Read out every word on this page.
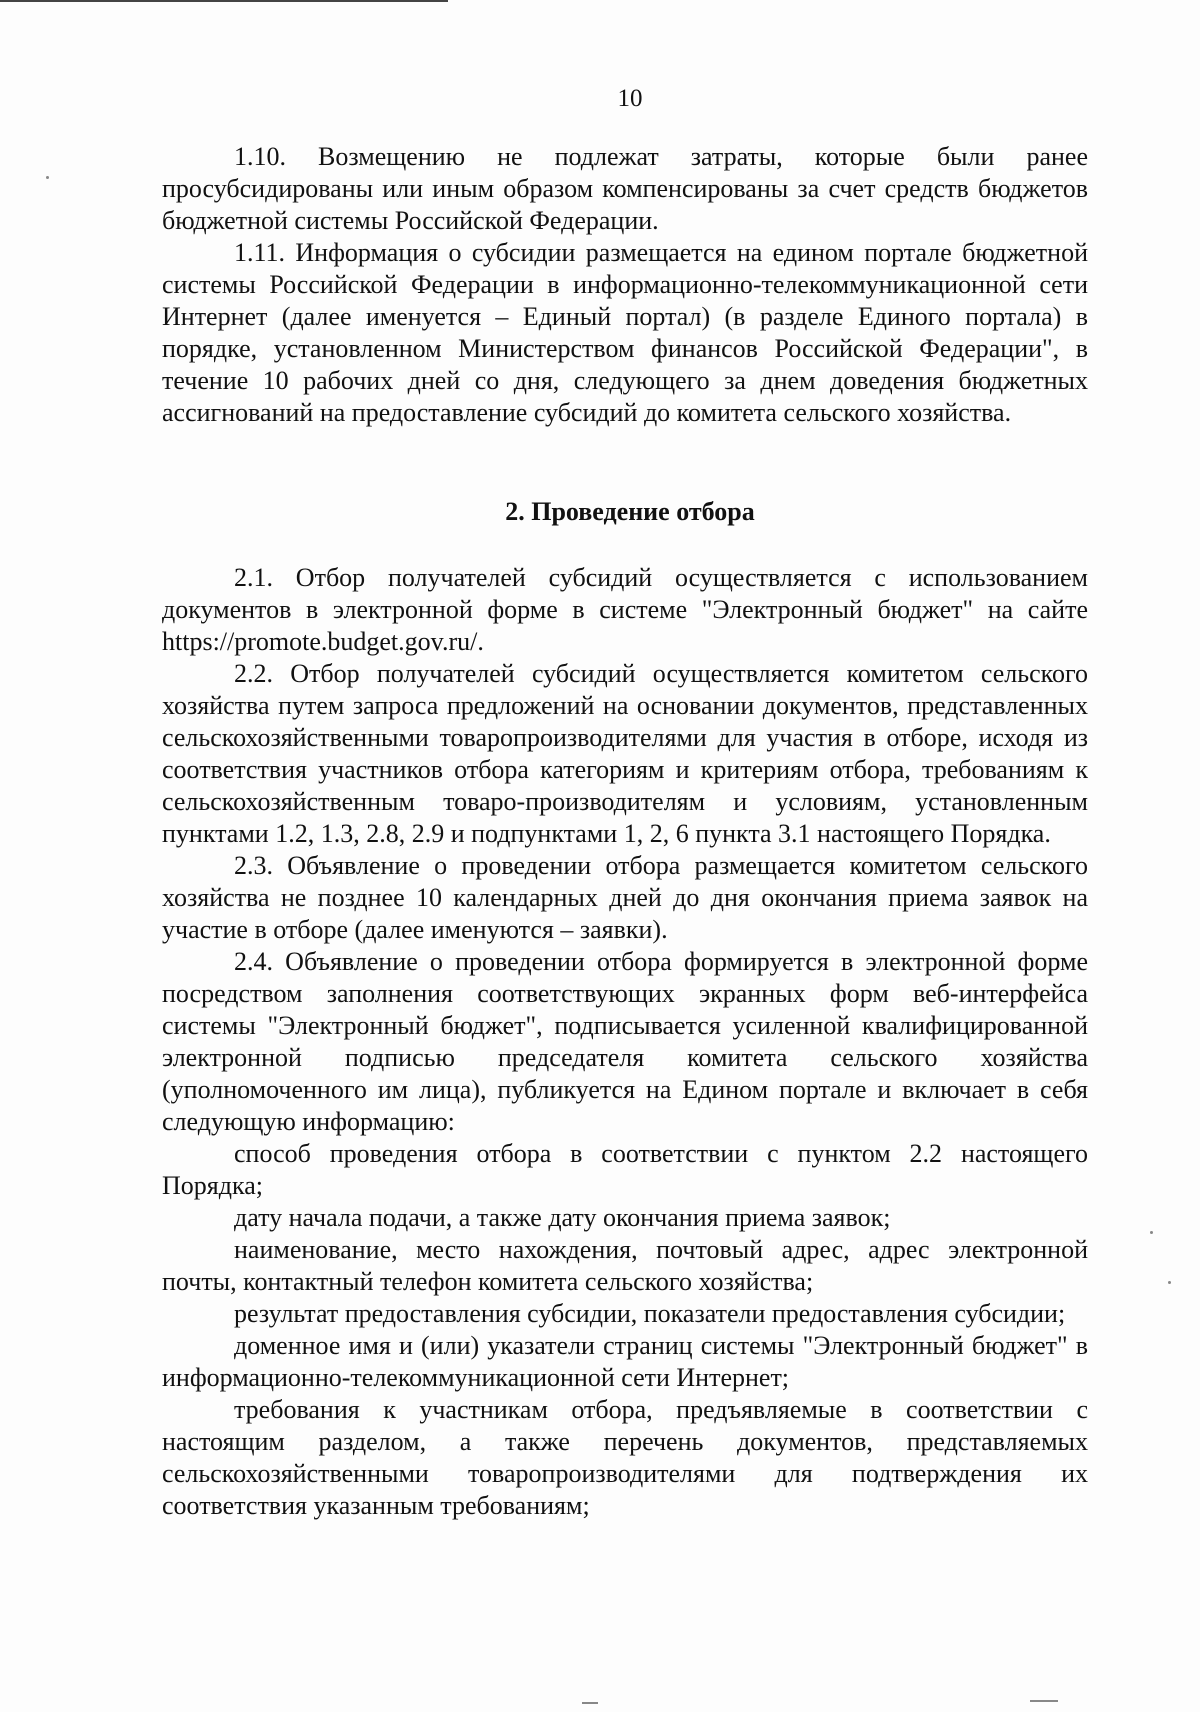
10

1.10. Возмещению не подлежат затраты, которые были ранее просубсидированы или иным образом компенсированы за счет средств бюджетов бюджетной системы Российской Федерации.

1.11. Информация о субсидии размещается на едином портале бюджетной системы Российской Федерации в информационно-телекоммуникационной сети Интернет (далее именуется – Единый портал) (в разделе Единого портала) в порядке, установленном Министерством финансов Российской Федерации", в течение 10 рабочих дней со дня, следующего за днем доведения бюджетных ассигнований на предоставление субсидий до комитета сельского хозяйства.

2. Проведение отбора

2.1. Отбор получателей субсидий осуществляется с использованием документов в электронной форме в системе "Электронный бюджет" на сайте https://promote.budget.gov.ru/.

2.2. Отбор получателей субсидий осуществляется комитетом сельского хозяйства путем запроса предложений на основании документов, представленных сельскохозяйственными товаропроизводителями для участия в отборе, исходя из соответствия участников отбора категориям и критериям отбора, требованиям к сельскохозяйственным товаро-производителям и условиям, установленным пунктами 1.2, 1.3, 2.8, 2.9 и подпунктами 1, 2, 6 пункта 3.1 настоящего Порядка.

2.3. Объявление о проведении отбора размещается комитетом сельского хозяйства не позднее 10 календарных дней до дня окончания приема заявок на участие в отборе (далее именуются – заявки).

2.4. Объявление о проведении отбора формируется в электронной форме посредством заполнения соответствующих экранных форм веб-интерфейса системы "Электронный бюджет", подписывается усиленной квалифицированной электронной подписью председателя комитета сельского хозяйства (уполномоченного им лица), публикуется на Едином портале и включает в себя следующую информацию:

способ проведения отбора в соответствии с пунктом 2.2 настоящего Порядка;

дату начала подачи, а также дату окончания приема заявок;

наименование, место нахождения, почтовый адрес, адрес электронной почты, контактный телефон комитета сельского хозяйства;

результат предоставления субсидии, показатели предоставления субсидии;

доменное имя и (или) указатели страниц системы "Электронный бюджет" в информационно-телекоммуникационной сети Интернет;

требования к участникам отбора, предъявляемые в соответствии с настоящим разделом, а также перечень документов, представляемых сельскохозяйственными товаропроизводителями для подтверждения их соответствия указанным требованиям;
